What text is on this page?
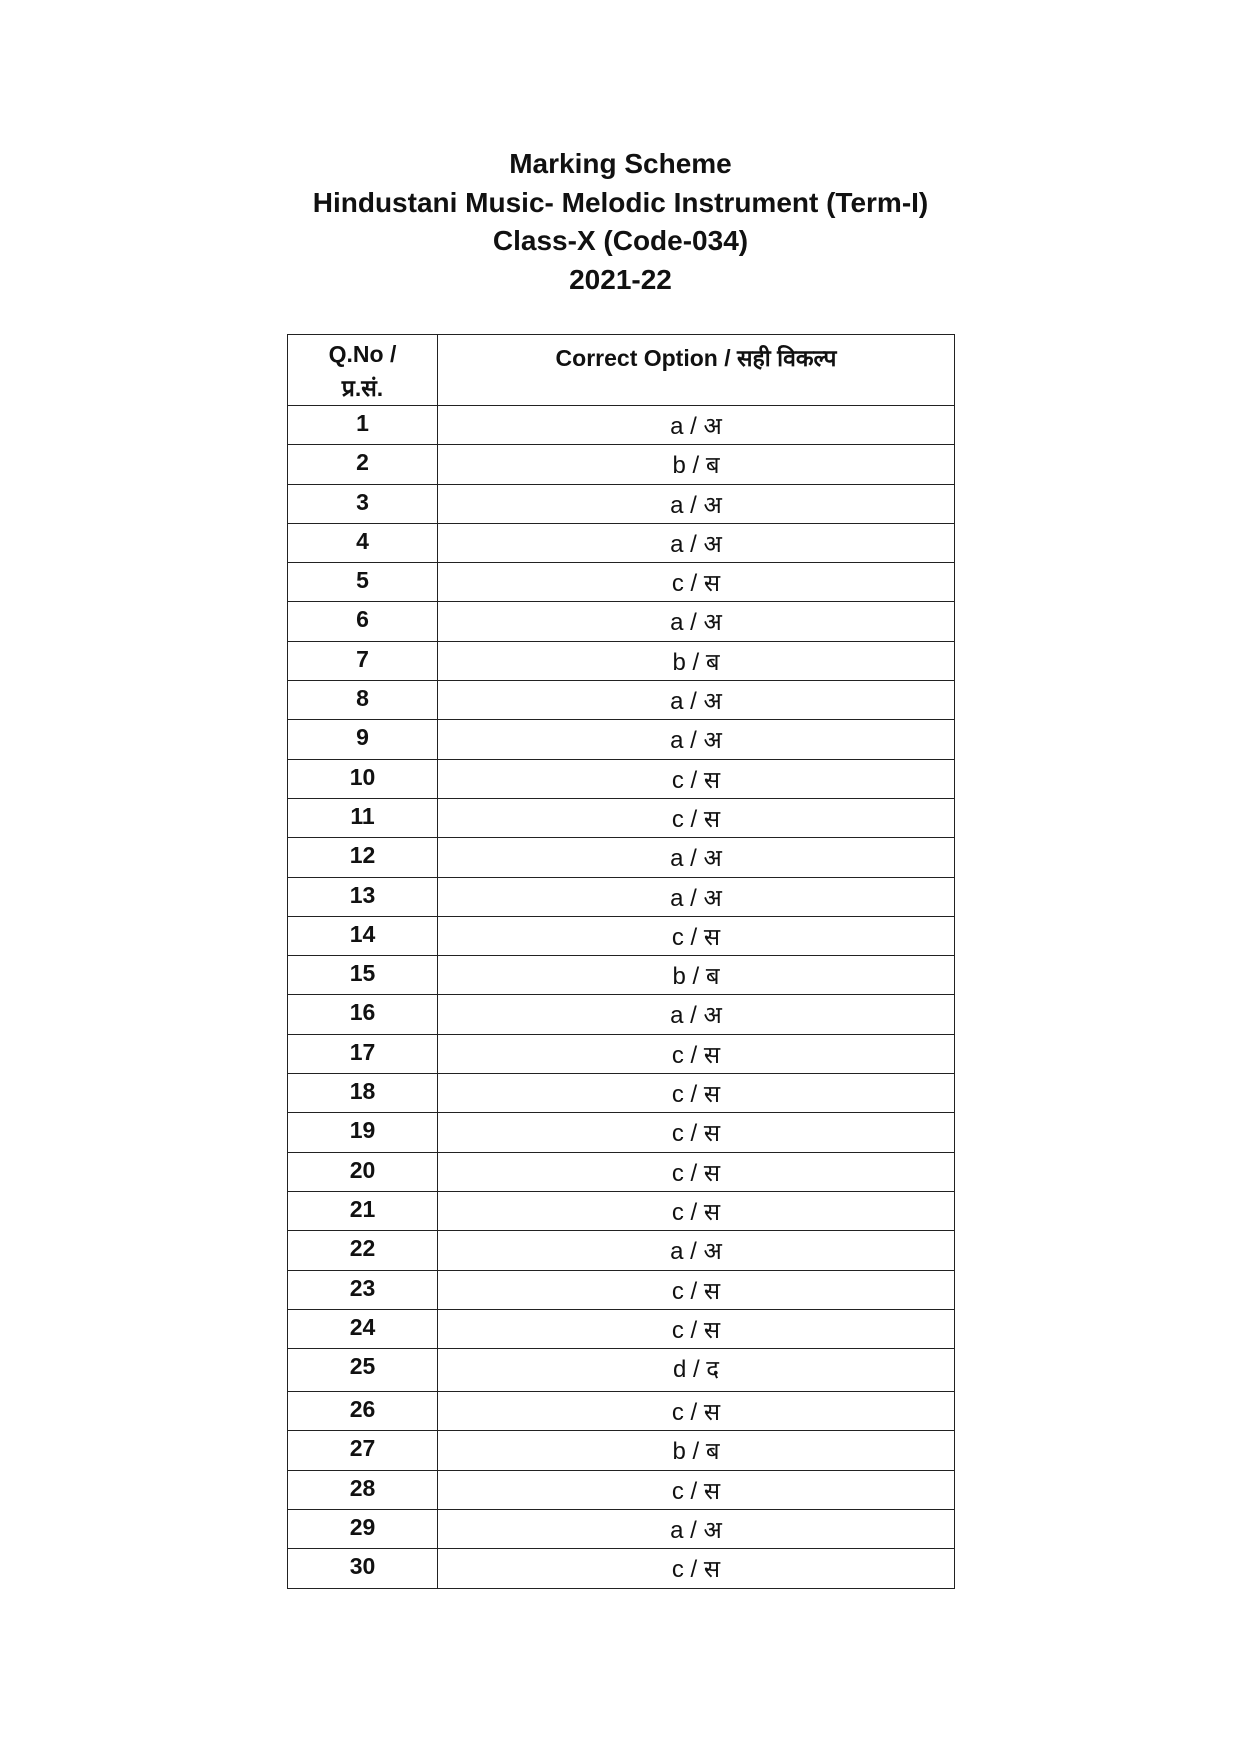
Marking Scheme

Hindustani Music- Melodic Instrument (Term-I)

Class-X (Code-034)

2021-22

Q.No /
प्र.सं.	Correct Option / सही विकल्प
1	a / अ
2	b / ब
3	a / अ
4	a / अ
5	c / स
6	a / अ
7	b / ब
8	a / अ
9	a / अ
10	c / स
11	c / स
12	a / अ
13	a / अ
14	c / स
15	b / ब
16	a / अ
17	c / स
18	c / स
19	c / स
20	c / स
21	c / स
22	a / अ
23	c / स
24	c / स
25	d / द
26	c / स
27	b / ब
28	c / स
29	a / अ
30	c / स
